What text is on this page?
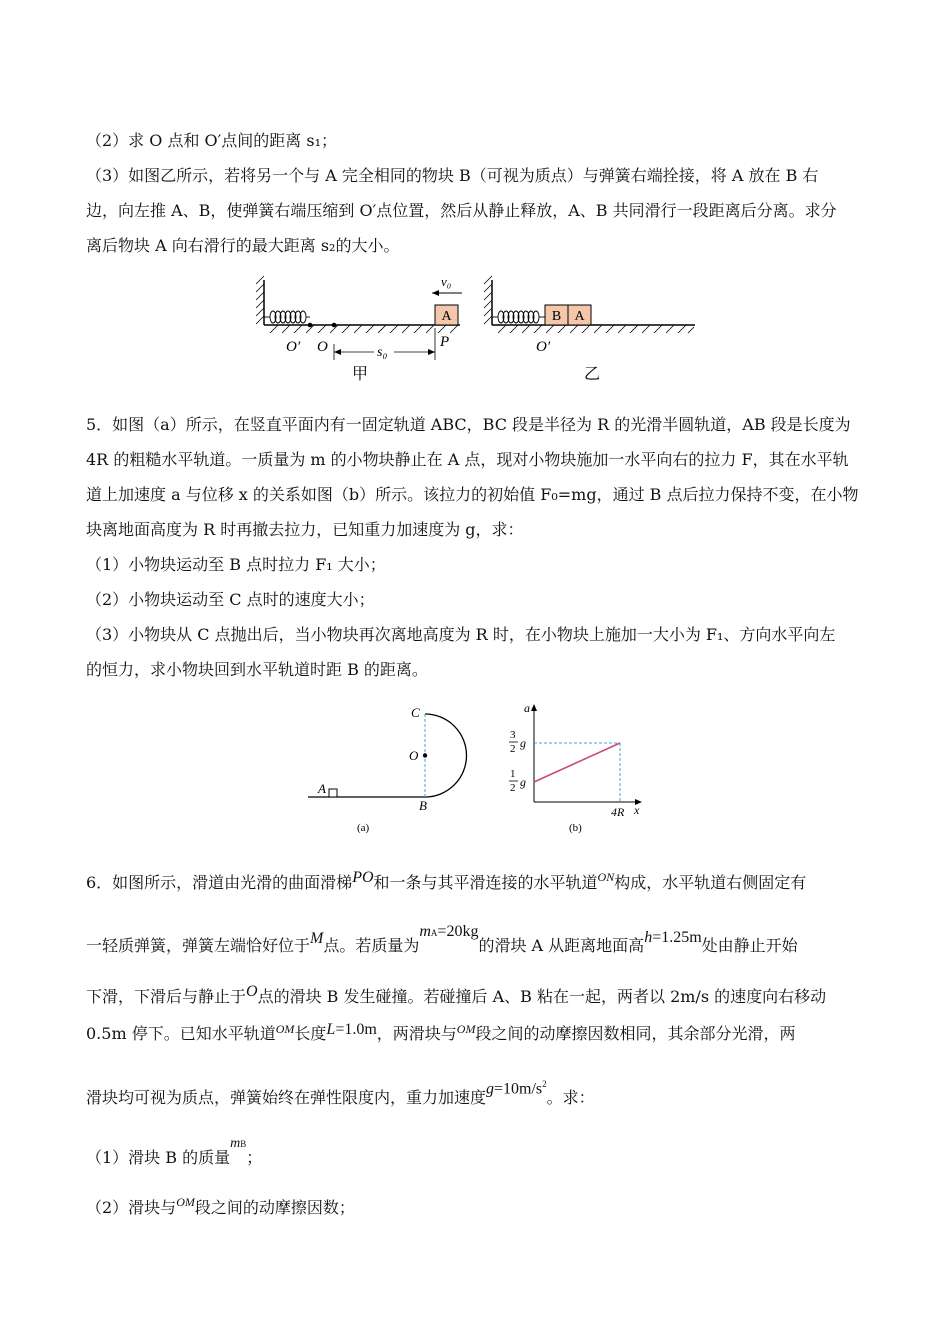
（2）求 O 点和 O′点间的距离 s₁；
（3）如图乙所示，若将另一个与 A 完全相同的物块 B（可视为质点）与弹簧右端拴接，将 A 放在 B 右
边，向左推 A、B，使弹簧右端压缩到 O′点位置，然后从静止释放，A、B 共同滑行一段距离后分离。求分
离后物块 A 向右滑行的最大距离 s₂的大小。
A
v₀
O′ O	s₀
P
甲
B A
O′
乙
5．如图（a）所示，在竖直平面内有一固定轨道 ABC，BC 段是半径为 R 的光滑半圆轨道，AB 段是长度为
4R 的粗糙水平轨道。一质量为 m 的小物块静止在 A 点，现对小物块施加一水平向右的拉力 F，其在水平轨
道上加速度 a 与位移 x 的关系如图（b）所示。该拉力的初始值 F₀=mg，通过 B 点后拉力保持不变，在小物
块离地面高度为 R 时再撤去拉力，已知重力加速度为 g，求：
（1）小物块运动至 B 点时拉力 F₁ 大小；
（2）小物块运动至 C 点时的速度大小；
（3）小物块从 C 点抛出后，当小物块再次离地高度为 R 时，在小物块上施加一大小为 F₁、方向水平向左
的恒力，求小物块回到水平轨道时距 B 的距离。
A
B
C
O
(a)
a
x
3
2 g
1
2 g
4R
(b)
6．如图所示，滑道由光滑的曲面滑梯PO和一条与其平滑连接的水平轨道ON构成，水平轨道右侧固定有
一轻质弹簧，弹簧左端恰好位于M点。若质量为mA=20kg的滑块 A 从距离地面高h=1.25m处由静止开始
下滑，下滑后与静止于O点的滑块 B 发生碰撞。若碰撞后 A、B 粘在一起，两者以 2m/s 的速度向右移动
0.5m 停下。已知水平轨道OM长度L=1.0m，两滑块与OM段之间的动摩擦因数相同，其余部分光滑，两
滑块均可视为质点，弹簧始终在弹性限度内，重力加速度$g=10m/s^2$。求：
（1）滑块 B 的质量mB；
（2）滑块与OM段之间的动摩擦因数；
